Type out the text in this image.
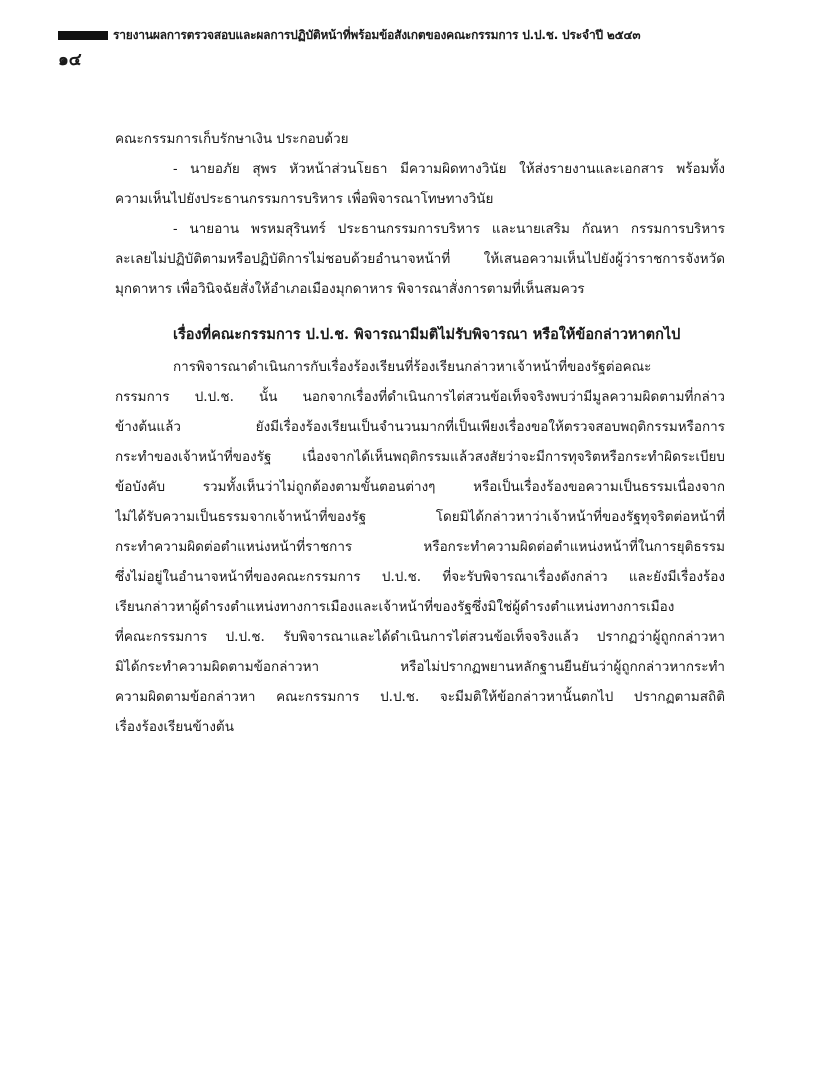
รายงานผลการตรวจสอบและผลการปฏิบัติหน้าที่พร้อมข้อสังเกตของคณะกรรมการ ป.ป.ช. ประจำปี ๒๕๔๓
๑๔
คณะกรรมการเก็บรักษาเงิน ประกอบด้วย
- นายอภัย สุพร หัวหน้าส่วนโยธา มีความผิดทางวินัย ให้ส่งรายงานและเอกสาร พร้อมทั้ง
ความเห็นไปยังประธานกรรมการบริหาร เพื่อพิจารณาโทษทางวินัย
- นายอาน พรหมสุรินทร์ ประธานกรรมการบริหาร และนายเสริม กัณหา กรรมการบริหาร
ละเลยไม่ปฏิบัติตามหรือปฏิบัติการไม่ชอบด้วยอำนาจหน้าที่ ให้เสนอความเห็นไปยังผู้ว่าราชการจังหวัด
มุกดาหาร เพื่อวินิจฉัยสั่งให้อำเภอเมืองมุกดาหาร พิจารณาสั่งการตามที่เห็นสมควร
เรื่องที่คณะกรรมการ ป.ป.ช. พิจารณามีมติไม่รับพิจารณา หรือให้ข้อกล่าวหาตกไป
การพิจารณาดำเนินการกับเรื่องร้องเรียนที่ร้องเรียนกล่าวหาเจ้าหน้าที่ของรัฐต่อคณะ
กรรมการ ป.ป.ช. นั้น นอกจากเรื่องที่ดำเนินการไต่สวนข้อเท็จจริงพบว่ามีมูลความผิดตามที่กล่าว
ข้างต้นแล้ว ยังมีเรื่องร้องเรียนเป็นจำนวนมากที่เป็นเพียงเรื่องขอให้ตรวจสอบพฤติกรรมหรือการ
กระทำของเจ้าหน้าที่ของรัฐ เนื่องจากได้เห็นพฤติกรรมแล้วสงสัยว่าจะมีการทุจริตหรือกระทำผิดระเบียบ
ข้อบังคับ รวมทั้งเห็นว่าไม่ถูกต้องตามขั้นตอนต่างๆ หรือเป็นเรื่องร้องขอความเป็นธรรมเนื่องจาก
ไม่ได้รับความเป็นธรรมจากเจ้าหน้าที่ของรัฐ โดยมิได้กล่าวหาว่าเจ้าหน้าที่ของรัฐทุจริตต่อหน้าที่
กระทำความผิดต่อตำแหน่งหน้าที่ราชการ หรือกระทำความผิดต่อตำแหน่งหน้าที่ในการยุติธรรม
ซึ่งไม่อยู่ในอำนาจหน้าที่ของคณะกรรมการ ป.ป.ช. ที่จะรับพิจารณาเรื่องดังกล่าว และยังมีเรื่องร้อง
เรียนกล่าวหาผู้ดำรงตำแหน่งทางการเมืองและเจ้าหน้าที่ของรัฐซึ่งมิใช่ผู้ดำรงตำแหน่งทางการเมือง
ที่คณะกรรมการ ป.ป.ช. รับพิจารณาและได้ดำเนินการไต่สวนข้อเท็จจริงแล้ว ปรากฏว่าผู้ถูกกล่าวหา
มิได้กระทำความผิดตามข้อกล่าวหา หรือไม่ปรากฏพยานหลักฐานยืนยันว่าผู้ถูกกล่าวหากระทำ
ความผิดตามข้อกล่าวหา คณะกรรมการ ป.ป.ช. จะมีมติให้ข้อกล่าวหานั้นตกไป ปรากฏตามสถิติ
เรื่องร้องเรียนข้างต้น
